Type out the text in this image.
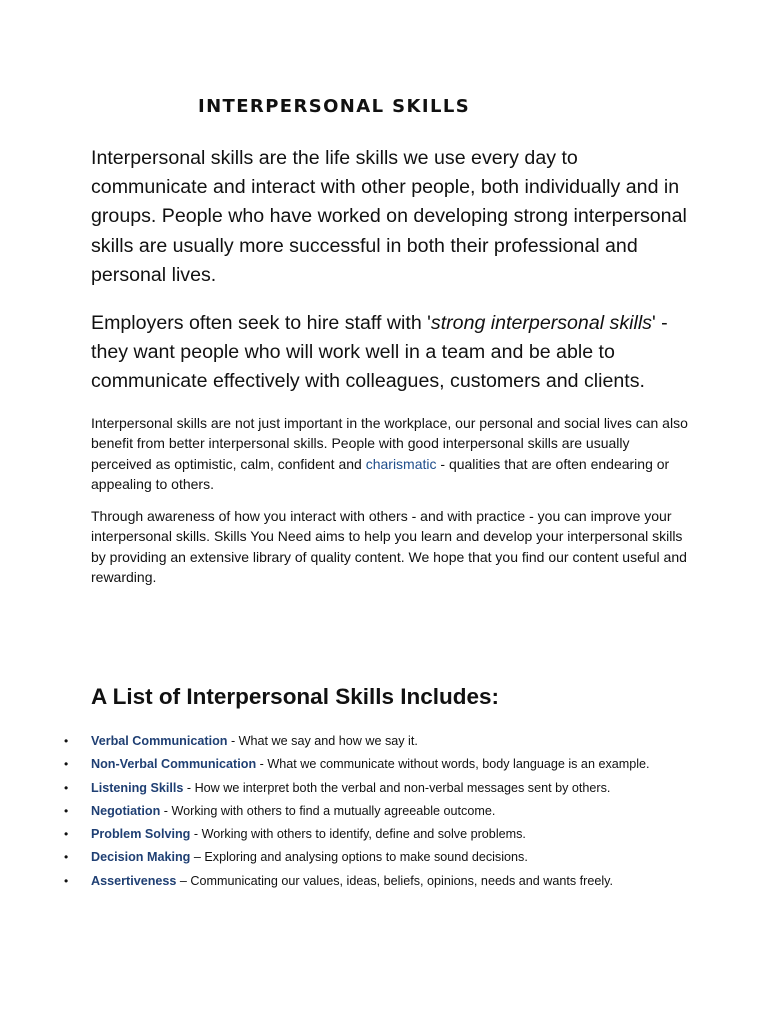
INTERPERSONAL SKILLS

Interpersonal skills are the life skills we use every day to communicate and interact with other people, both individually and in groups. People who have worked on developing strong interpersonal skills are usually more successful in both their professional and personal lives.

Employers often seek to hire staff with 'strong interpersonal skills' - they want people who will work well in a team and be able to communicate effectively with colleagues, customers and clients.

Interpersonal skills are not just important in the workplace, our personal and social lives can also benefit from better interpersonal skills. People with good interpersonal skills are usually perceived as optimistic, calm, confident and charismatic - qualities that are often endearing or appealing to others.

Through awareness of how you interact with others - and with practice - you can improve your interpersonal skills. Skills You Need aims to help you learn and develop your interpersonal skills by providing an extensive library of quality content. We hope that you find our content useful and rewarding.

A List of Interpersonal Skills Includes:
• Verbal Communication - What we say and how we say it.
• Non-Verbal Communication - What we communicate without words, body language is an example.
• Listening Skills - How we interpret both the verbal and non-verbal messages sent by others.
• Negotiation - Working with others to find a mutually agreeable outcome.
• Problem Solving - Working with others to identify, define and solve problems.
• Decision Making – Exploring and analysing options to make sound decisions.
• Assertiveness – Communicating our values, ideas, beliefs, opinions, needs and wants freely.
